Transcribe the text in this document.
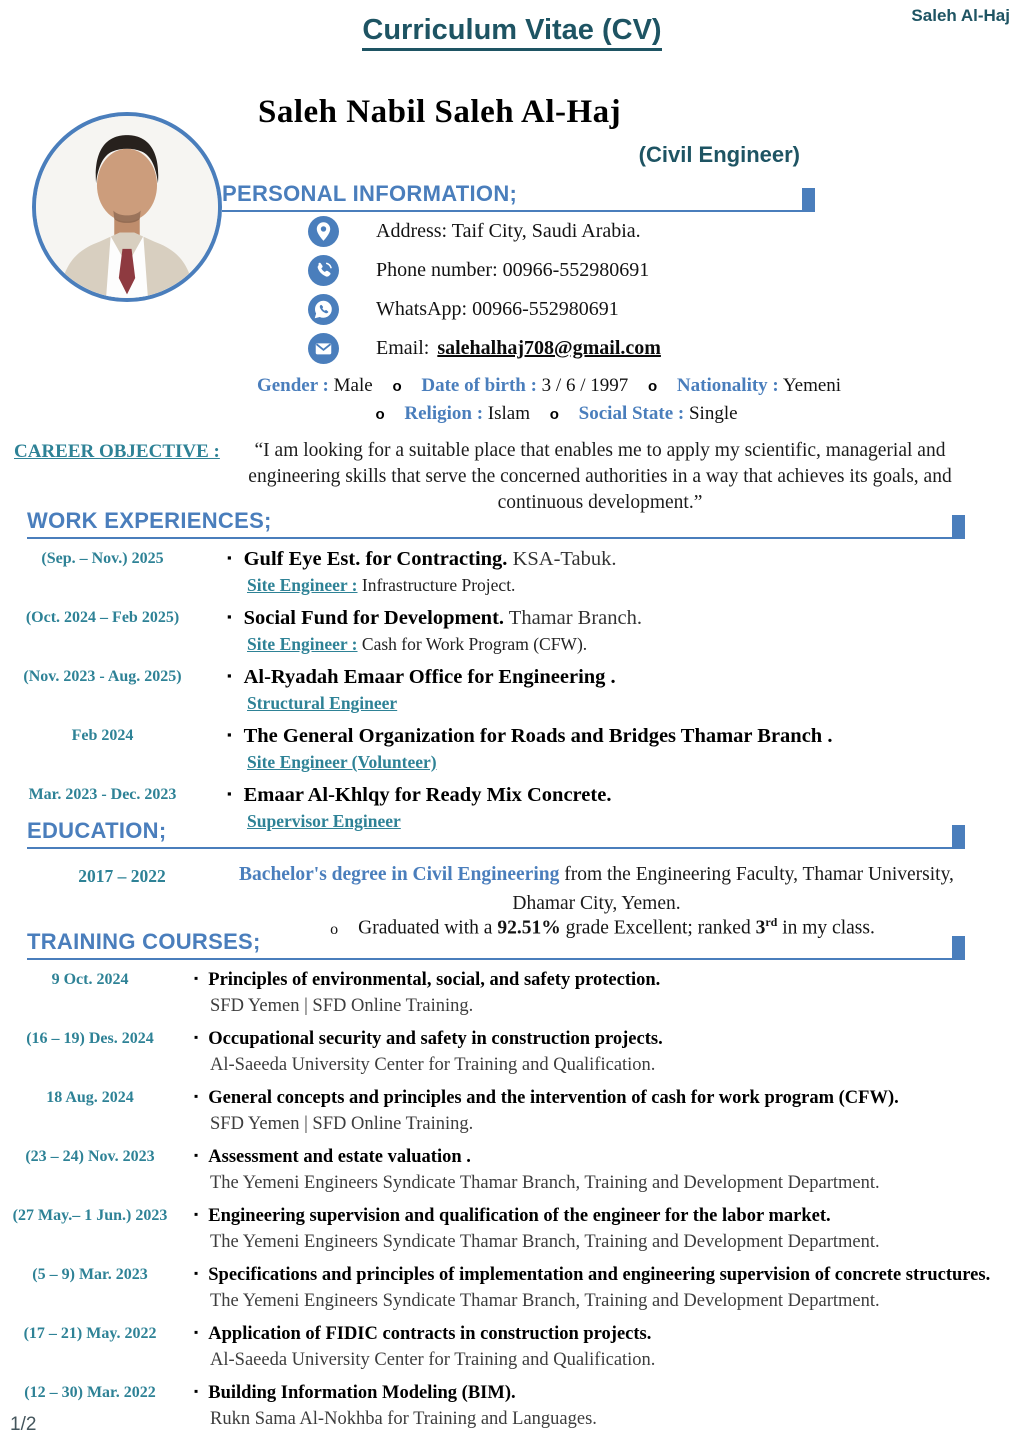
Saleh Al-Haj
Curriculum Vitae (CV)
Saleh Nabil Saleh Al-Haj
(Civil Engineer)
PERSONAL INFORMATION;
Address: Taif City, Saudi Arabia.
Phone number: 00966-552980691
WhatsApp: 00966-552980691
Email: salehalhaj708@gmail.com
Gender : Male o Date of birth : 3 / 6 / 1997 o Nationality : Yemeni
o Religion : Islam o Social State : Single
CAREER OBJECTIVE :	“I am looking for a suitable place that enables me to apply my scientific, managerial and engineering skills that serve the concerned authorities in a way that achieves its goals, and continuous development.”
WORK EXPERIENCES;
(Sep. – Nov.) 2025	▪ Gulf Eye Est. for Contracting. KSA-Tabuk.
Site Engineer : Infrastructure Project.
(Oct. 2024 – Feb 2025)	▪ Social Fund for Development. Thamar Branch.
Site Engineer : Cash for Work Program (CFW).
(Nov. 2023 - Aug. 2025)	▪ Al-Ryadah Emaar Office for Engineering .
Structural Engineer
Feb 2024	▪ The General Organization for Roads and Bridges Thamar Branch .
Site Engineer (Volunteer)
Mar. 2023 - Dec. 2023	▪ Emaar Al-Khlqy for Ready Mix Concrete.
Supervisor Engineer
EDUCATION;
2017 – 2022	Bachelor's degree in Civil Engineering from the Engineering Faculty, Thamar University,
Dhamar City, Yemen.
o Graduated with a 92.51% grade Excellent; ranked 3rd in my class.
TRAINING COURSES;
9 Oct. 2024	▪ Principles of environmental, social, and safety protection.
SFD Yemen | SFD Online Training.
(16 – 19) Des. 2024	▪ Occupational security and safety in construction projects.
Al-Saeeda University Center for Training and Qualification.
18 Aug. 2024	▪ General concepts and principles and the intervention of cash for work program (CFW).
SFD Yemen | SFD Online Training.
(23 – 24) Nov. 2023	▪ Assessment and estate valuation .
The Yemeni Engineers Syndicate Thamar Branch, Training and Development Department.
(27 May.– 1 Jun.) 2023	▪ Engineering supervision and qualification of the engineer for the labor market.
The Yemeni Engineers Syndicate Thamar Branch, Training and Development Department.
(5 – 9) Mar. 2023	▪ Specifications and principles of implementation and engineering supervision of concrete structures.
The Yemeni Engineers Syndicate Thamar Branch, Training and Development Department.
(17 – 21) May. 2022	▪ Application of FIDIC contracts in construction projects.
Al-Saeeda University Center for Training and Qualification.
(12 – 30) Mar. 2022	▪ Building Information Modeling (BIM).
Rukn Sama Al-Nokhba for Training and Languages.
1/2
